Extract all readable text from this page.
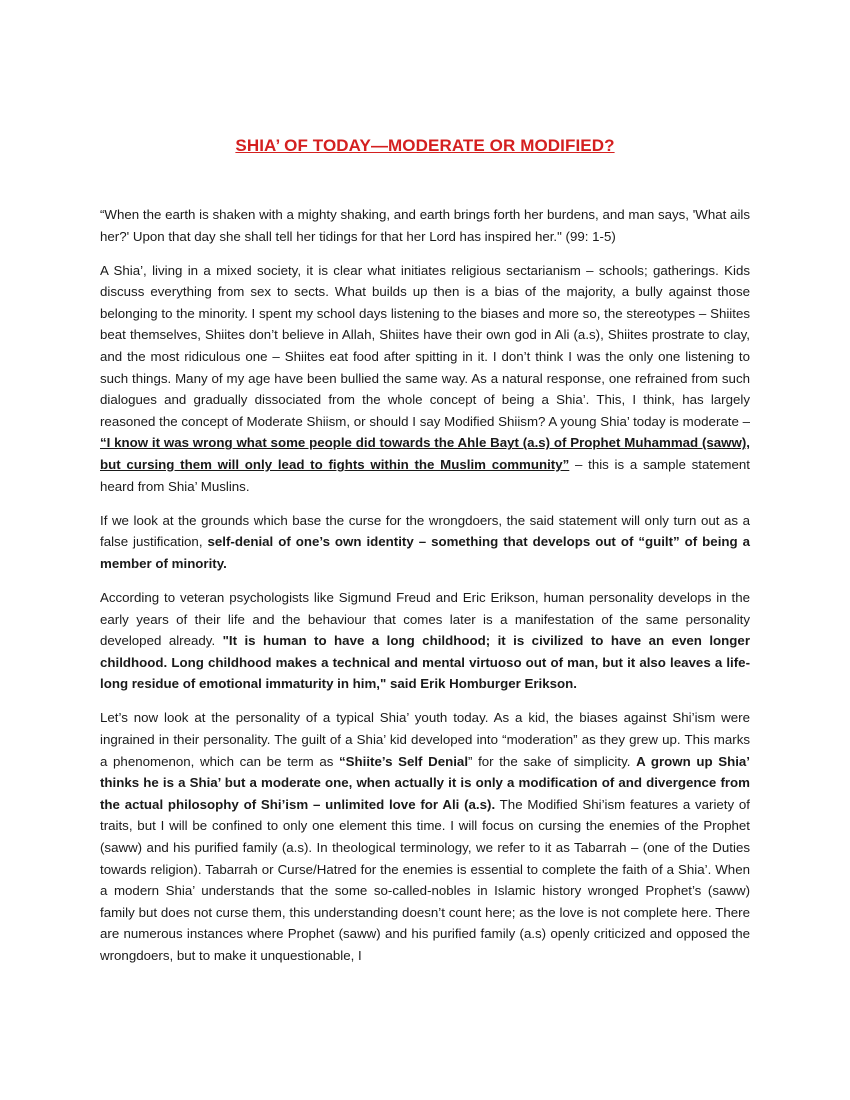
SHIA’ OF TODAY—MODERATE OR MODIFIED?

“When the earth is shaken with a mighty shaking, and earth brings forth her burdens, and man says, 'What ails her?' Upon that day she shall tell her tidings for that her Lord has inspired her." (99: 1-5)

A Shia’, living in a mixed society, it is clear what initiates religious sectarianism – schools; gatherings. Kids discuss everything from sex to sects. What builds up then is a bias of the majority, a bully against those belonging to the minority. I spent my school days listening to the biases and more so, the stereotypes – Shiites beat themselves, Shiites don’t believe in Allah, Shiites have their own god in Ali (a.s), Shiites prostrate to clay, and the most ridiculous one – Shiites eat food after spitting in it. I don’t think I was the only one listening to such things. Many of my age have been bullied the same way. As a natural response, one refrained from such dialogues and gradually dissociated from the whole concept of being a Shia’. This, I think, has largely reasoned the concept of Moderate Shiism, or should I say Modified Shiism? A young Shia’ today is moderate – “I know it was wrong what some people did towards the Ahle Bayt (a.s) of Prophet Muhammad (saww), but cursing them will only lead to fights within the Muslim community” – this is a sample statement heard from Shia’ Muslins.

If we look at the grounds which base the curse for the wrongdoers, the said statement will only turn out as a false justification, self-denial of one’s own identity – something that develops out of “guilt” of being a member of minority.

According to veteran psychologists like Sigmund Freud and Eric Erikson, human personality develops in the early years of their life and the behaviour that comes later is a manifestation of the same personality developed already. "It is human to have a long childhood; it is civilized to have an even longer childhood. Long childhood makes a technical and mental virtuoso out of man, but it also leaves a life-long residue of emotional immaturity in him," said Erik Homburger Erikson.

Let’s now look at the personality of a typical Shia’ youth today. As a kid, the biases against Shi’ism were ingrained in their personality. The guilt of a Shia’ kid developed into “moderation” as they grew up. This marks a phenomenon, which can be term as “Shiite’s Self Denial” for the sake of simplicity. A grown up Shia’ thinks he is a Shia’ but a moderate one, when actually it is only a modification of and divergence from the actual philosophy of Shi’ism – unlimited love for Ali (a.s). The Modified Shi’ism features a variety of traits, but I will be confined to only one element this time. I will focus on cursing the enemies of the Prophet (saww) and his purified family (a.s). In theological terminology, we refer to it as Tabarrah – (one of the Duties towards religion). Tabarrah or Curse/Hatred for the enemies is essential to complete the faith of a Shia’. When a modern Shia’ understands that the some so-called-nobles in Islamic history wronged Prophet’s (saww) family but does not curse them, this understanding doesn’t count here; as the love is not complete here. There are numerous instances where Prophet (saww) and his purified family (a.s) openly criticized and opposed the wrongdoers, but to make it unquestionable, I
